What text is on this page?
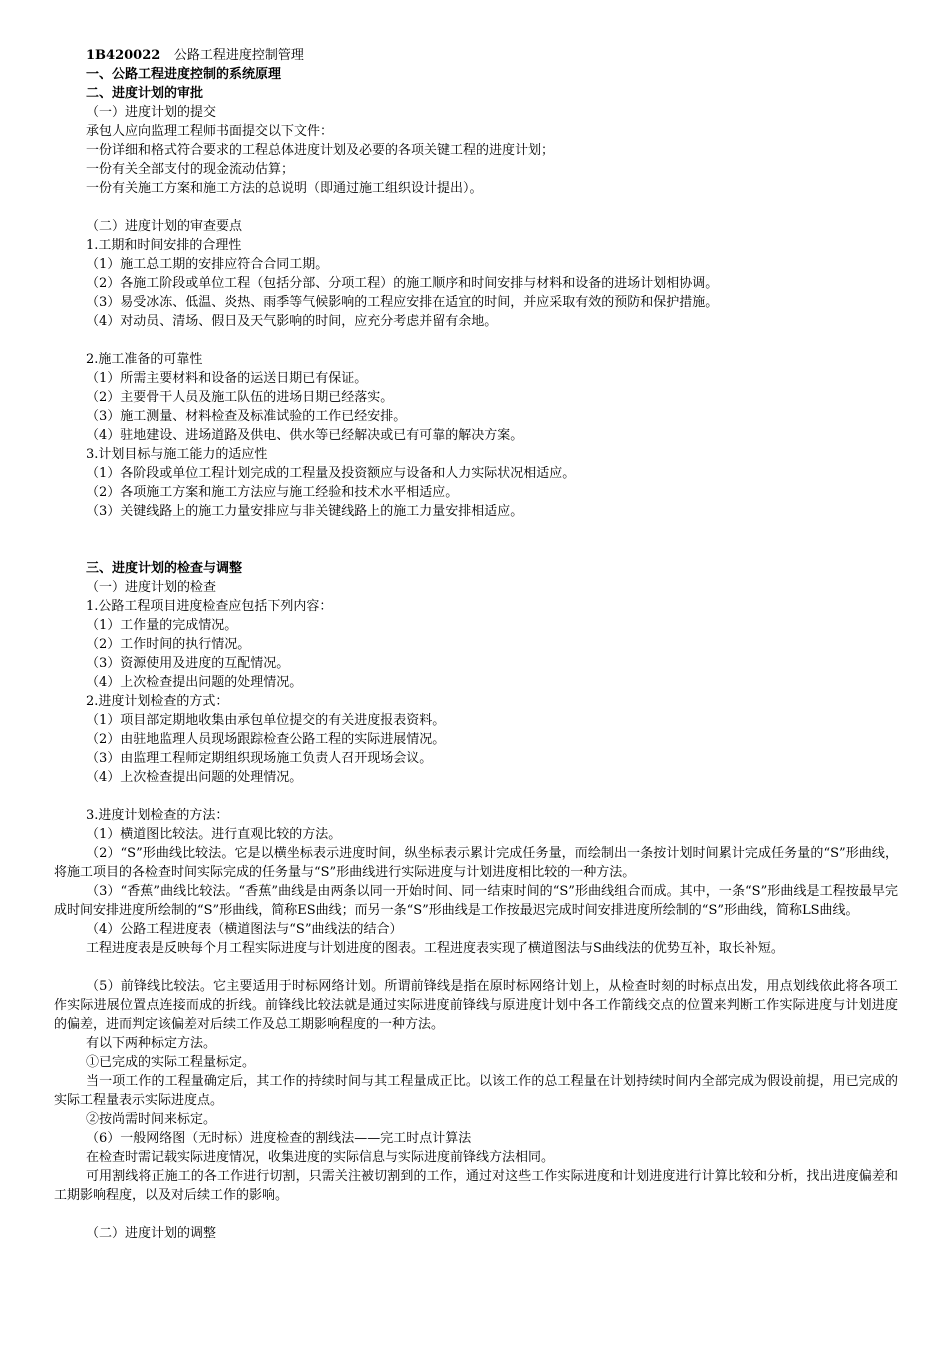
1B420022 公路工程进度控制管理
一、公路工程进度控制的系统原理
二、进度计划的审批
（一）进度计划的提交
承包人应向监理工程师书面提交以下文件：
一份详细和格式符合要求的工程总体进度计划及必要的各项关键工程的进度计划；
一份有关全部支付的现金流动估算；
一份有关施工方案和施工方法的总说明（即通过施工组织设计提出）。
（二）进度计划的审查要点
1.工期和时间安排的合理性
（1）施工总工期的安排应符合合同工期。
（2）各施工阶段或单位工程（包括分部、分项工程）的施工顺序和时间安排与材料和设备的进场计划相协调。
（3）易受冰冻、低温、炎热、雨季等气候影响的工程应安排在适宜的时间，并应采取有效的预防和保护措施。
（4）对动员、清场、假日及天气影响的时间，应充分考虑并留有余地。
2.施工准备的可靠性
（1）所需主要材料和设备的运送日期已有保证。
（2）主要骨干人员及施工队伍的进场日期已经落实。
（3）施工测量、材料检查及标准试验的工作已经安排。
（4）驻地建设、进场道路及供电、供水等已经解决或已有可靠的解决方案。
3.计划目标与施工能力的适应性
（1）各阶段或单位工程计划完成的工程量及投资额应与设备和人力实际状况相适应。
（2）各项施工方案和施工方法应与施工经验和技术水平相适应。
（3）关键线路上的施工力量安排应与非关键线路上的施工力量安排相适应。
三、进度计划的检查与调整
（一）进度计划的检查
1.公路工程项目进度检查应包括下列内容：
（1）工作量的完成情况。
（2）工作时间的执行情况。
（3）资源使用及进度的互配情况。
（4）上次检查提出问题的处理情况。
2.进度计划检查的方式：
（1）项目部定期地收集由承包单位提交的有关进度报表资料。
（2）由驻地监理人员现场跟踪检查公路工程的实际进展情况。
（3）由监理工程师定期组织现场施工负责人召开现场会议。
（4）上次检查提出问题的处理情况。
3.进度计划检查的方法：
（1）横道图比较法。进行直观比较的方法。
（2）“S”形曲线比较法。它是以横坐标表示进度时间，纵坐标表示累计完成任务量，而绘制出一条按计划时间累计完成任务量的“S”形曲线，将施工项目的各检查时间实际完成的任务量与“S”形曲线进行实际进度与计划进度相比较的一种方法。
（3）“香蕉”曲线比较法。“香蕉”曲线是由两条以同一开始时间、同一结束时间的“S”形曲线组合而成。其中，一条“S”形曲线是工程按最早完成时间安排进度所绘制的“S”形曲线，简称ES曲线；而另一条“S”形曲线是工作按最迟完成时间安排进度所绘制的“S”形曲线，简称LS曲线。
（4）公路工程进度表（横道图法与“S”曲线法的结合）
工程进度表是反映每个月工程实际进度与计划进度的图表。工程进度表实现了横道图法与S曲线法的优势互补，取长补短。
（5）前锋线比较法。它主要适用于时标网络计划。所谓前锋线是指在原时标网络计划上，从检查时刻的时标点出发，用点划线依此将各项工作实际进展位置点连接而成的折线。前锋线比较法就是通过实际进度前锋线与原进度计划中各工作箭线交点的位置来判断工作实际进度与计划进度的偏差，进而判定该偏差对后续工作及总工期影响程度的一种方法。
有以下两种标定方法。
①已完成的实际工程量标定。
当一项工作的工程量确定后，其工作的持续时间与其工程量成正比。以该工作的总工程量在计划持续时间内全部完成为假设前提，用已完成的实际工程量表示实际进度点。
②按尚需时间来标定。
（6）一般网络图（无时标）进度检查的割线法——完工时点计算法
在检查时需记载实际进度情况，收集进度的实际信息与实际进度前锋线方法相同。
可用割线将正施工的各工作进行切割，只需关注被切割到的工作，通过对这些工作实际进度和计划进度进行计算比较和分析，找出进度偏差和工期影响程度，以及对后续工作的影响。
（二）进度计划的调整
